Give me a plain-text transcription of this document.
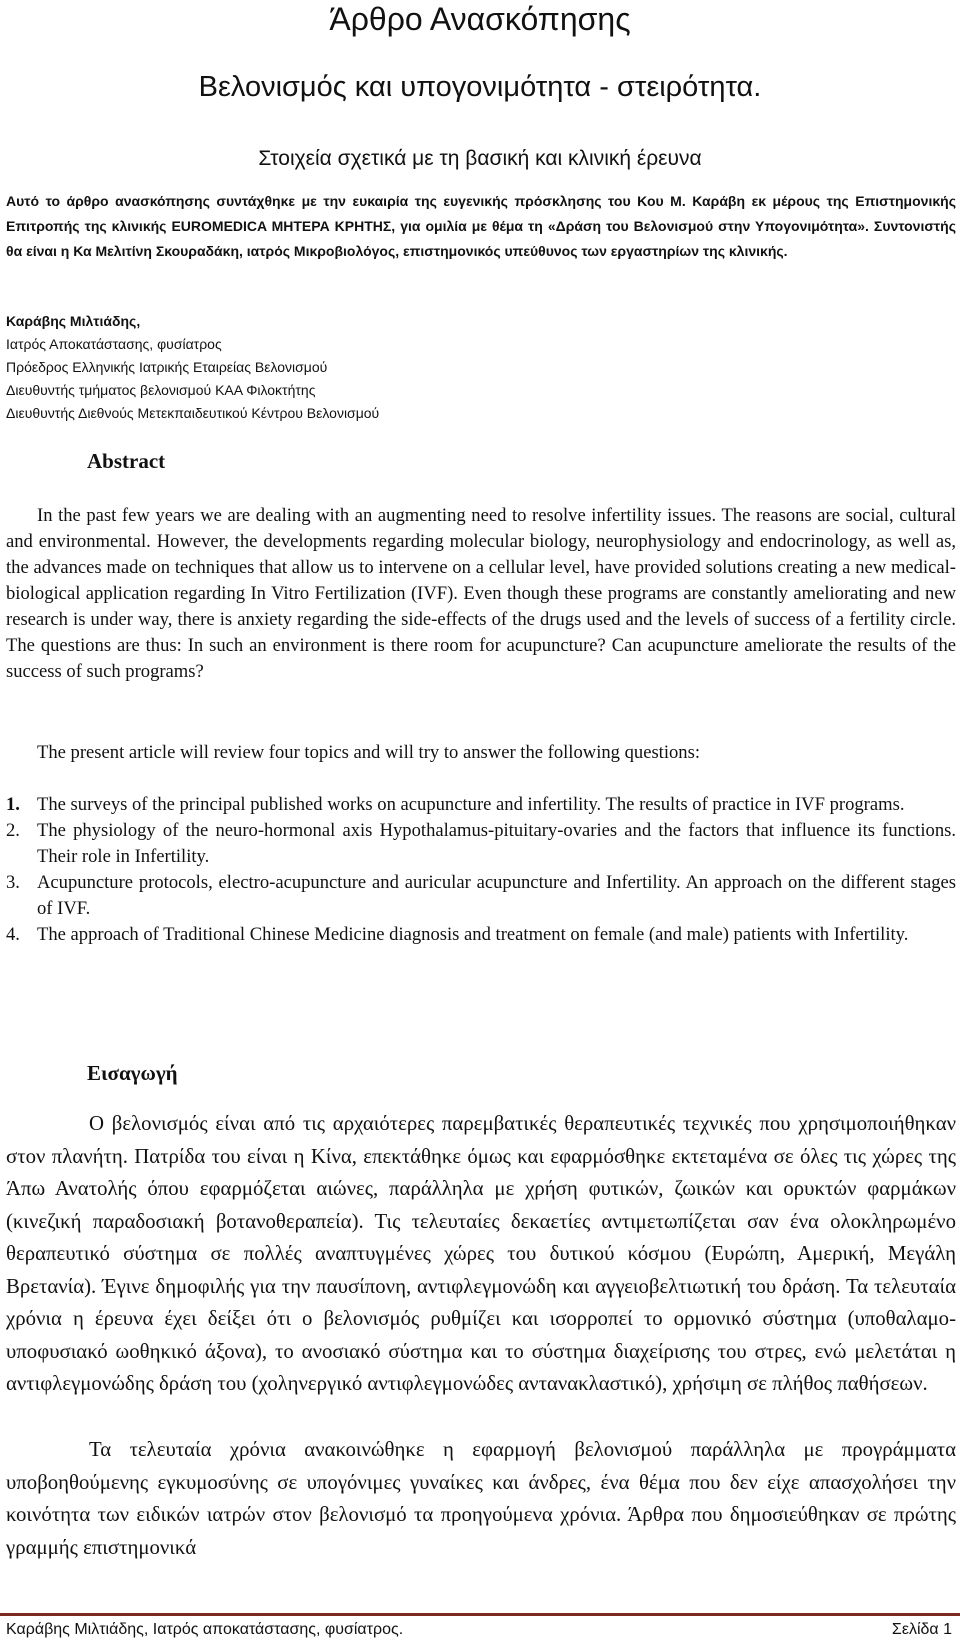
Άρθρο Ανασκόπησης
Βελονισμός και υπογονιμότητα - στειρότητα.
Στοιχεία σχετικά με τη βασική και κλινική έρευνα

Αυτό το άρθρο ανασκόπησης συντάχθηκε με την ευκαιρία της ευγενικής πρόσκλησης του Κου Μ. Καράβη εκ μέρους της Επιστημονικής Επιτροπής της κλινικής EUROMEDICA ΜΗΤΕΡΑ ΚΡΗΤΗΣ, για ομιλία με θέμα τη «Δράση του Βελονισμού στην Υπογονιμότητα». Συντονιστής θα είναι η Κα Μελιτίνη Σκουραδάκη, ιατρός Μικροβιολόγος, επιστημονικός υπεύθυνος των εργαστηρίων της κλινικής.

Καράβης Μιλτιάδης,
Ιατρός Αποκατάστασης, φυσίατρος
Πρόεδρος Ελληνικής Ιατρικής Εταιρείας Βελονισμού
Διευθυντής τμήματος βελονισμού ΚΑΑ Φιλοκτήτης
Διευθυντής Διεθνούς Μετεκπαιδευτικού Κέντρου Βελονισμού
Abstract

In the past few years we are dealing with an augmenting need to resolve infertility issues. The reasons are social, cultural and environmental. However, the developments regarding molecular biology, neurophysiology and endocrinology, as well as, the advances made on techniques that allow us to intervene on a cellular level, have provided solutions creating a new medical-biological application regarding In Vitro Fertilization (IVF). Even though these programs are constantly ameliorating and new research is under way, there is anxiety regarding the side-effects of the drugs used and the levels of success of a fertility circle. The questions are thus: In such an environment is there room for acupuncture? Can acupuncture ameliorate the results of the success of such programs?

The present article will review four topics and will try to answer the following questions:

1. The surveys of the principal published works on acupuncture and infertility. The results of practice in IVF programs.
2. The physiology of the neuro-hormonal axis Hypothalamus-pituitary-ovaries and the factors that influence its functions. Their role in Infertility.
3. Acupuncture protocols, electro-acupuncture and auricular acupuncture and Infertility. An approach on the different stages of IVF.
4. The approach of Traditional Chinese Medicine diagnosis and treatment on female (and male) patients with Infertility.
Εισαγωγή

Ο βελονισμός είναι από τις αρχαιότερες παρεμβατικές θεραπευτικές τεχνικές που χρησιμοποιήθηκαν στον πλανήτη. Πατρίδα του είναι η Κίνα, επεκτάθηκε όμως και εφαρμόσθηκε εκτεταμένα σε όλες τις χώρες της Άπω Ανατολής όπου εφαρμόζεται αιώνες, παράλληλα με χρήση φυτικών, ζωικών και ορυκτών φαρμάκων (κινεζική παραδοσιακή βοτανοθεραπεία). Τις τελευταίες δεκαετίες αντιμετωπίζεται σαν ένα ολοκληρωμένο θεραπευτικό σύστημα σε πολλές αναπτυγμένες χώρες του δυτικού κόσμου (Ευρώπη, Αμερική, Μεγάλη Βρετανία). Έγινε δημοφιλής για την παυσίπονη, αντιφλεγμονώδη και αγγειοβελτιωτική του δράση. Τα τελευταία χρόνια η έρευνα έχει δείξει ότι ο βελονισμός ρυθμίζει και ισορροπεί το ορμονικό σύστημα (υποθαλαμο-υποφυσιακό ωοθηκικό άξονα), το ανοσιακό σύστημα και το σύστημα διαχείρισης του στρες, ενώ μελετάται η αντιφλεγμονώδης δράση του (χοληνεργικό αντιφλεγμονώδες αντανακλαστικό), χρήσιμη σε πλήθος παθήσεων.

Τα τελευταία χρόνια ανακοινώθηκε η εφαρμογή βελονισμού παράλληλα με προγράμματα υποβοηθούμενης εγκυμοσύνης σε υπογόνιμες γυναίκες και άνδρες, ένα θέμα που δεν είχε απασχολήσει την κοινότητα των ειδικών ιατρών στον βελονισμό τα προηγούμενα χρόνια. Άρθρα που δημοσιεύθηκαν σε πρώτης γραμμής επιστημονικά

Καράβης Μιλτιάδης, Ιατρός αποκατάστασης, φυσίατρος.	Σελίδα 1
